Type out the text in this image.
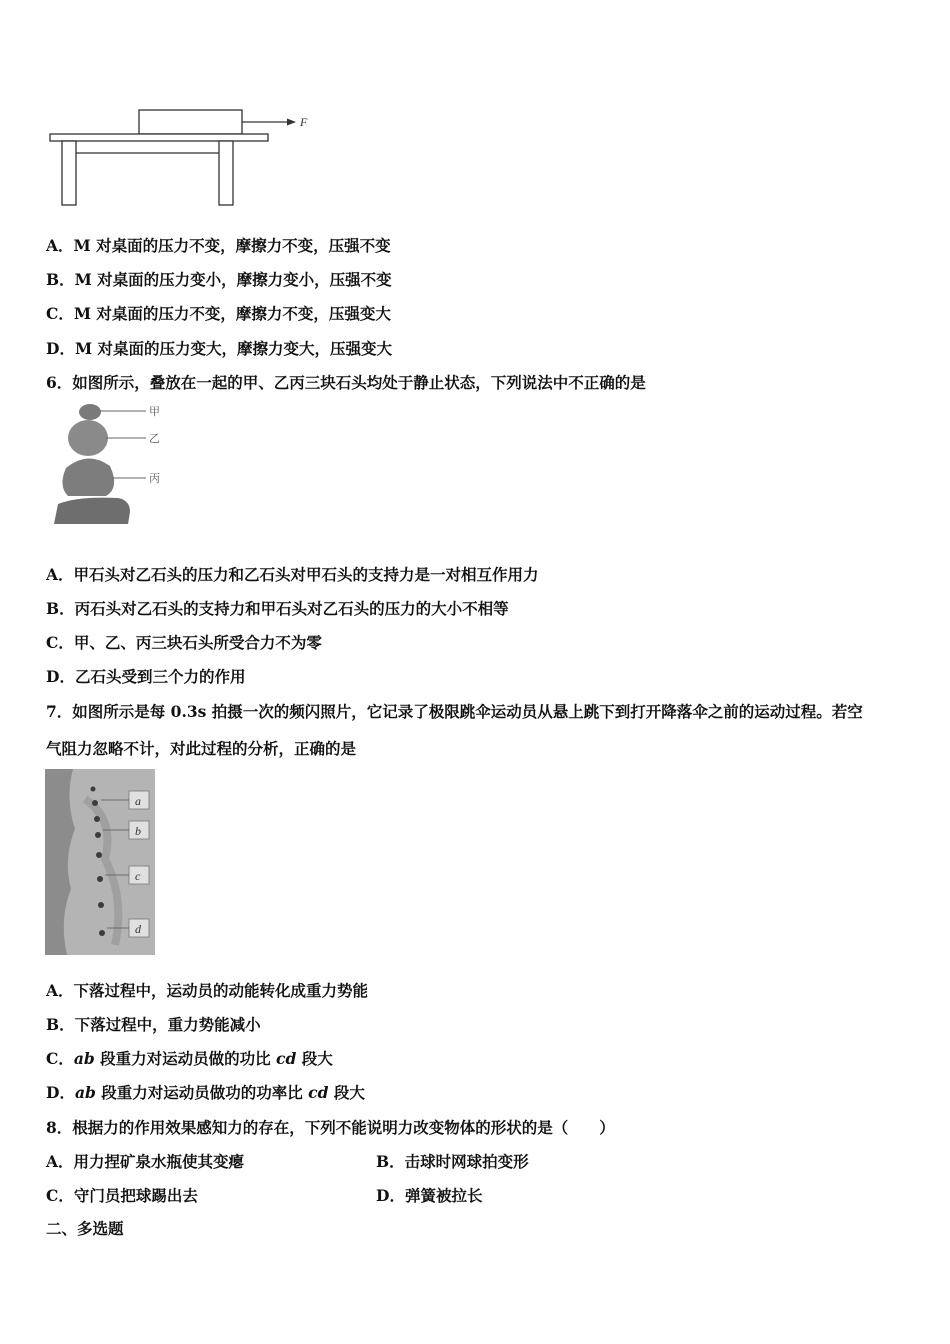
F
A．M 对桌面的压力不变，摩擦力不变，压强不变
B．M 对桌面的压力变小，摩擦力变小，压强不变
C．M 对桌面的压力不变，摩擦力不变，压强变大
D．M 对桌面的压力变大，摩擦力变大，压强变大
6．如图所示，叠放在一起的甲、乙丙三块石头均处于静止状态，下列说法中不正确的是
甲
乙
丙
A．甲石头对乙石头的压力和乙石头对甲石头的支持力是一对相互作用力
B．丙石头对乙石头的支持力和甲石头对乙石头的压力的大小不相等
C．甲、乙、丙三块石头所受合力不为零
D．乙石头受到三个力的作用
7．如图所示是每 0.3s 拍摄一次的频闪照片，它记录了极限跳伞运动员从悬上跳下到打开降落伞之前的运动过程。若空
气阻力忽略不计，对此过程的分析，正确的是
a
b
c
d
A．下落过程中，运动员的动能转化成重力势能
B．下落过程中，重力势能减小
C．ab 段重力对运动员做的功比 cd 段大
D．ab 段重力对运动员做功的功率比 cd 段大
8．根据力的作用效果感知力的存在，下列不能说明力改变物体的形状的是（　　）
A．用力捏矿泉水瓶使其变瘪	B．击球时网球拍变形
C．守门员把球踢出去	D．弹簧被拉长
二、多选题
